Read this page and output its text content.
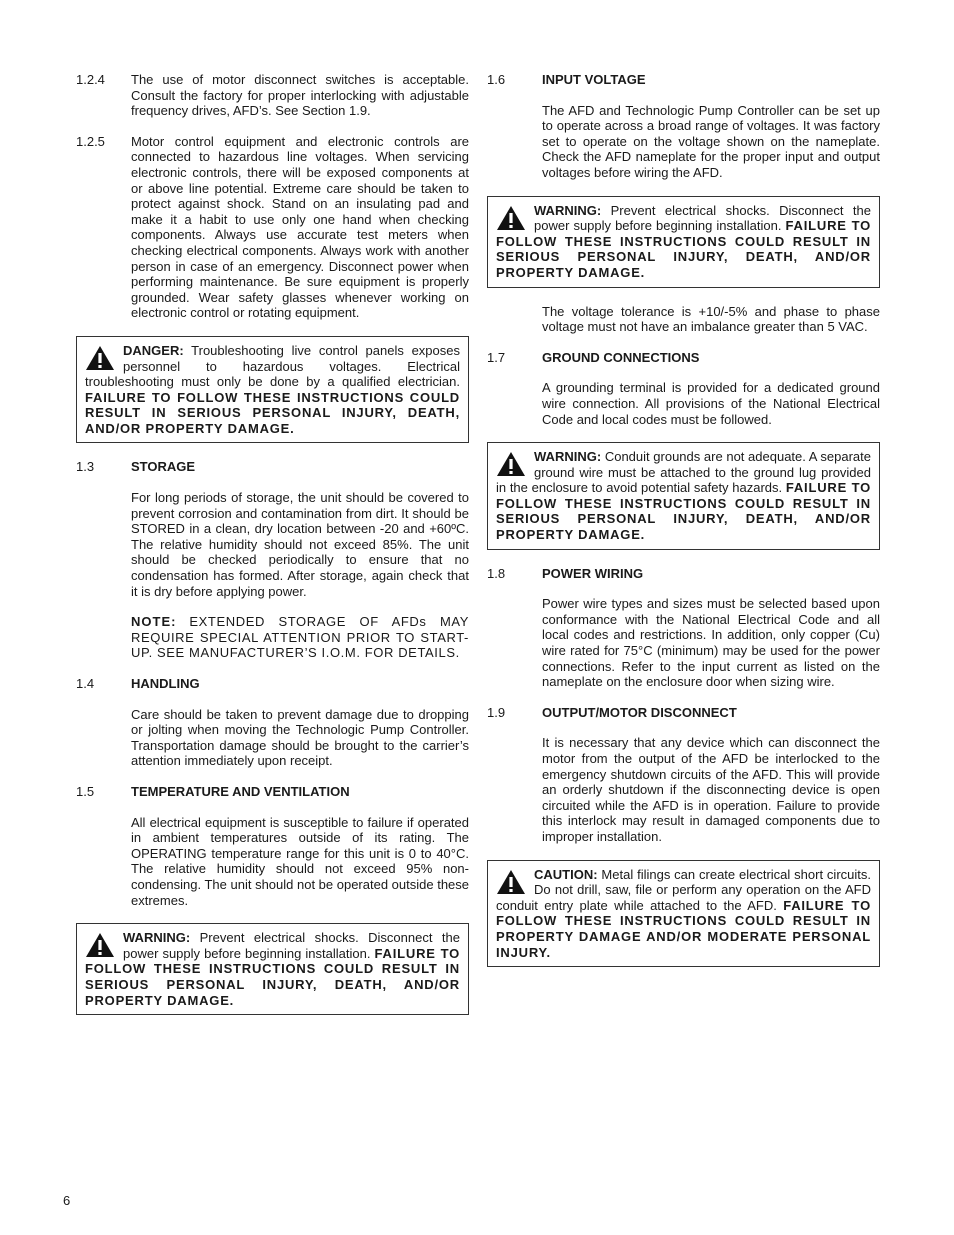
1.2.4	The use of motor disconnect switches is acceptable. Consult the factory for proper interlocking with adjustable frequency drives, AFD’s. See Section 1.9.
1.2.5	Motor control equipment and electronic controls are connected to hazardous line voltages. When servicing electronic controls, there will be exposed components at or above line potential. Extreme care should be taken to protect against shock. Stand on an insulating pad and make it a habit to use only one hand when checking components. Always use accurate test meters when checking electrical components. Always work with another person in case of an emergency. Disconnect power when performing maintenance. Be sure equipment is properly grounded. Wear safety glasses whenever working on electronic control or rotating equipment.
DANGER: Troubleshooting live control panels exposes personnel to hazardous voltages. Electrical troubleshooting must only be done by a qualified electrician. FAILURE TO FOLLOW THESE INSTRUCTIONS COULD RESULT IN SERIOUS PERSONAL INJURY, DEATH, AND/OR PROPERTY DAMAGE.
1.3	STORAGE
For long periods of storage, the unit should be covered to prevent corrosion and contamination from dirt. It should be STORED in a clean, dry location between -20 and +60ºC. The relative humidity should not exceed 85%. The unit should be checked periodically to ensure that no condensation has formed. After storage, again check that it is dry before applying power.
NOTE: EXTENDED STORAGE OF AFDs MAY REQUIRE SPECIAL ATTENTION PRIOR TO START-UP. SEE MANUFACTURER’S I.O.M. FOR DETAILS.
1.4	HANDLING
Care should be taken to prevent damage due to dropping or jolting when moving the Technologic Pump Controller. Transportation damage should be brought to the carrier’s attention immediately upon receipt.
1.5	TEMPERATURE AND VENTILATION
All electrical equipment is susceptible to failure if operated in ambient temperatures outside of its rating. The OPERATING temperature range for this unit is 0 to 40°C. The relative humidity should not exceed 95% non-condensing. The unit should not be operated outside these extremes.
WARNING: Prevent electrical shocks. Disconnect the power supply before beginning installation. FAILURE TO FOLLOW THESE INSTRUCTIONS COULD RESULT IN SERIOUS PERSONAL INJURY, DEATH, AND/OR PROPERTY DAMAGE.
1.6	INPUT VOLTAGE
The AFD and Technologic Pump Controller can be set up to operate across a broad range of voltages. It was factory set to operate on the voltage shown on the nameplate. Check the AFD nameplate for the proper input and output voltages before wiring the AFD.
WARNING: Prevent electrical shocks. Disconnect the power supply before beginning installation. FAILURE TO FOLLOW THESE INSTRUCTIONS COULD RESULT IN SERIOUS PERSONAL INJURY, DEATH, AND/OR PROPERTY DAMAGE.
The voltage tolerance is +10/-5% and phase to phase voltage must not have an imbalance greater than 5 VAC.
1.7	GROUND CONNECTIONS
A grounding terminal is provided for a dedicated ground wire connection. All provisions of the National Electrical Code and local codes must be followed.
WARNING: Conduit grounds are not adequate. A separate ground wire must be attached to the ground lug provided in the enclosure to avoid potential safety hazards. FAILURE TO FOLLOW THESE INSTRUCTIONS COULD RESULT IN SERIOUS PERSONAL INJURY, DEATH, AND/OR PROPERTY DAMAGE.
1.8	POWER WIRING
Power wire types and sizes must be selected based upon conformance with the National Electrical Code and all local codes and restrictions. In addition, only copper (Cu) wire rated for 75°C (minimum) may be used for the power connections. Refer to the input current as listed on the nameplate on the enclosure door when sizing wire.
1.9	OUTPUT/MOTOR DISCONNECT
It is necessary that any device which can disconnect the motor from the output of the AFD be interlocked to the emergency shutdown circuits of the AFD. This will provide an orderly shutdown if the disconnecting device is open circuited while the AFD is in operation. Failure to provide this interlock may result in damaged components due to improper installation.
CAUTION: Metal filings can create electrical short circuits. Do not drill, saw, file or perform any operation on the AFD conduit entry plate while attached to the AFD. FAILURE TO FOLLOW THESE INSTRUCTIONS COULD RESULT IN PROPERTY DAMAGE AND/OR MODERATE PERSONAL INJURY.
6
